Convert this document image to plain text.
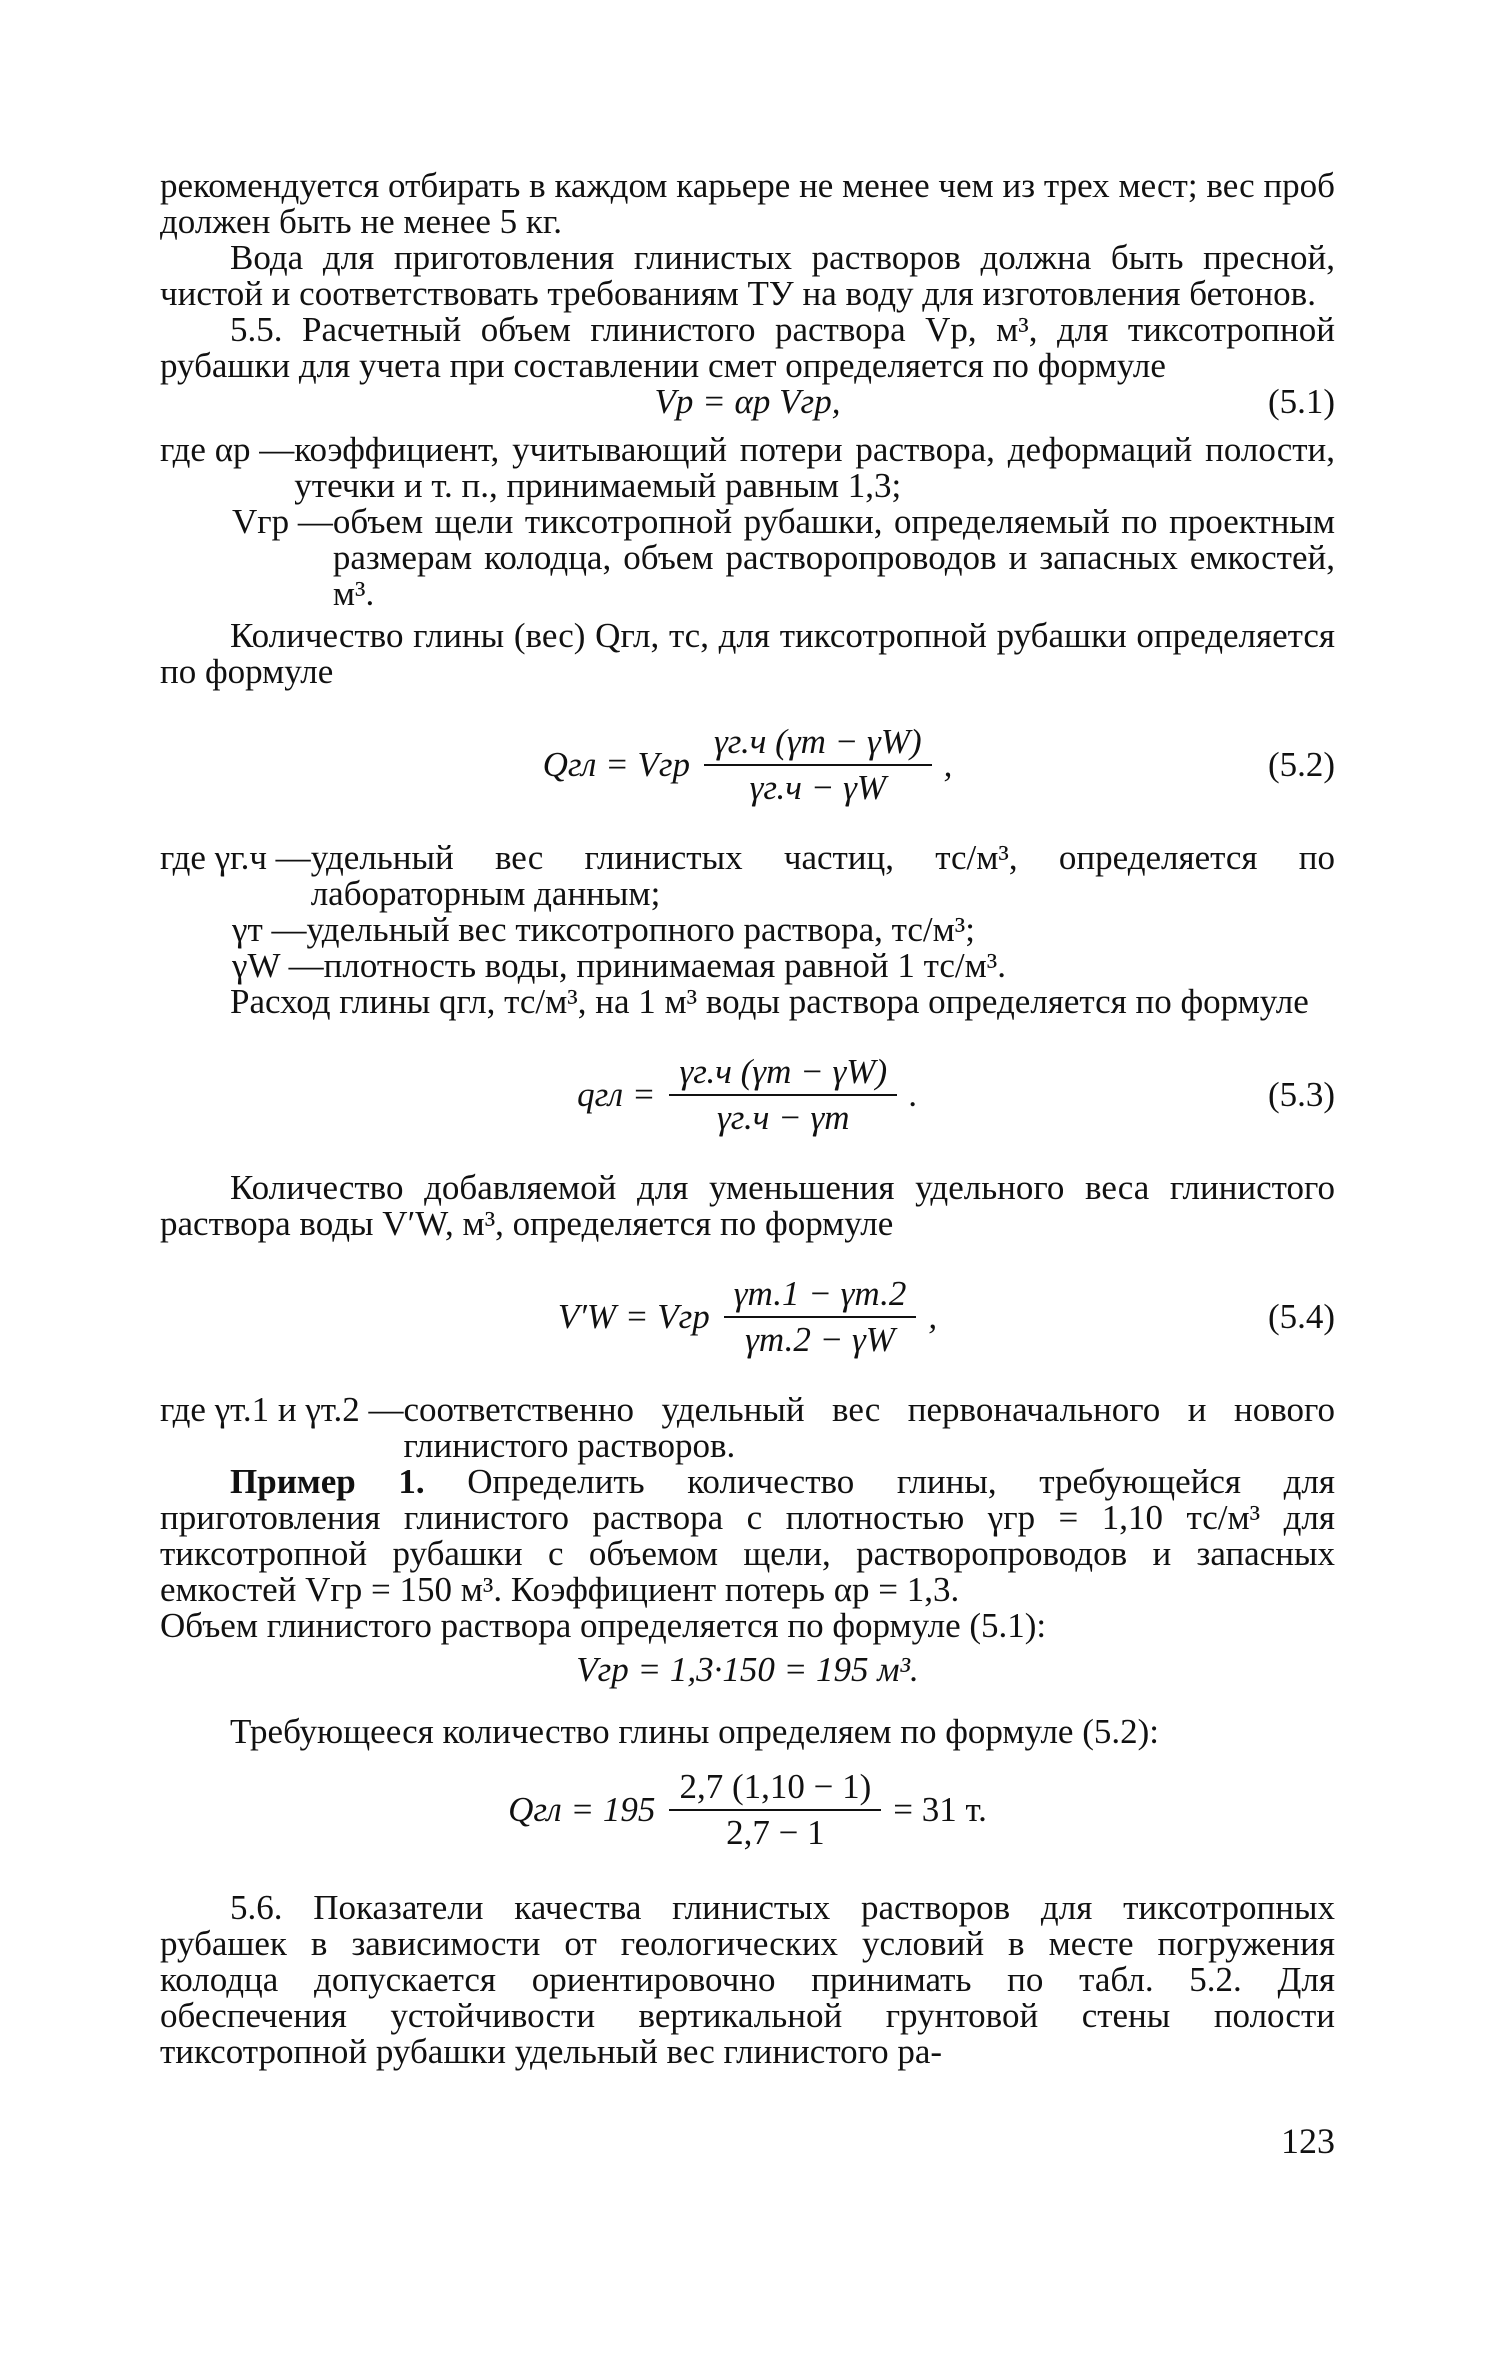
рекомендуется отбирать в каждом карьере не менее чем из трех мест; вес проб должен быть не менее 5 кг.

Вода для приготовления глинистых растворов должна быть пресной, чистой и соответствовать требованиям ТУ на воду для изготовления бетонов.

5.5. Расчетный объем глинистого раствора Vр, м³, для тиксотропной рубашки для учета при составлении смет определяется по формуле

Vр = αр Vгр,	(5.1)
где αр — коэффициент, учитывающий потери раствора, деформаций полости, утечки и т. п., принимаемый равным 1,3;
Vгр — объем щели тиксотропной рубашки, определяемый по проектным размерам колодца, объем растворопроводов и запасных емкостей, м³.

Количество глины (вес) Qгл, тс, для тиксотропной рубашки определяется по формуле

Qгл = Vгр $\frac{\gamma г.ч (\gamma т - \gamma W)}{\gamma г.ч - \gamma W}$ ,	(5.2)
где γг.ч — удельный вес глинистых частиц, тс/м³, определяется по лабораторным данным;
γт — удельный вес тиксотропного раствора, тс/м³;
γW — плотность воды, принимаемая равной 1 тс/м³.

Расход глины qгл, тс/м³, на 1 м³ воды раствора определяется по формуле

qгл = $\frac{\gamma г.ч (\gamma т - \gamma W)}{\gamma г.ч - \gamma т}$ .	(5.3)

Количество добавляемой для уменьшения удельного веса глинистого раствора воды V′W, м³, определяется по формуле

V′W = Vгр $\frac{\gamma т.1 - \gamma т.2}{\gamma т.2 - \gamma W}$ ,	(5.4)
где γт.1 и γт.2 — соответственно удельный вес первоначального и нового глинистого растворов.

Пример 1. Определить количество глины, требующейся для приготовления глинистого раствора с плотностью γгр = 1,10 тс/м³ для тиксотропной рубашки с объемом щели, растворопроводов и запасных емкостей Vгр = 150 м³. Коэффициент потерь αр = 1,3.

Объем глинистого раствора определяется по формуле (5.1):

Vгр = 1,3·150 = 195 м³.

Требующееся количество глины определяем по формуле (5.2):

Qгл = $195 \frac{2,7 (1,10 - 1)}{2,7 - 1} = 31$ т.

5.6. Показатели качества глинистых растворов для тиксотропных рубашек в зависимости от геологических условий в месте погружения колодца допускается ориентировочно принимать по табл. 5.2. Для обеспечения устойчивости вертикальной грунтовой стены полости тиксотропной рубашки удельный вес глинистого ра-

123
